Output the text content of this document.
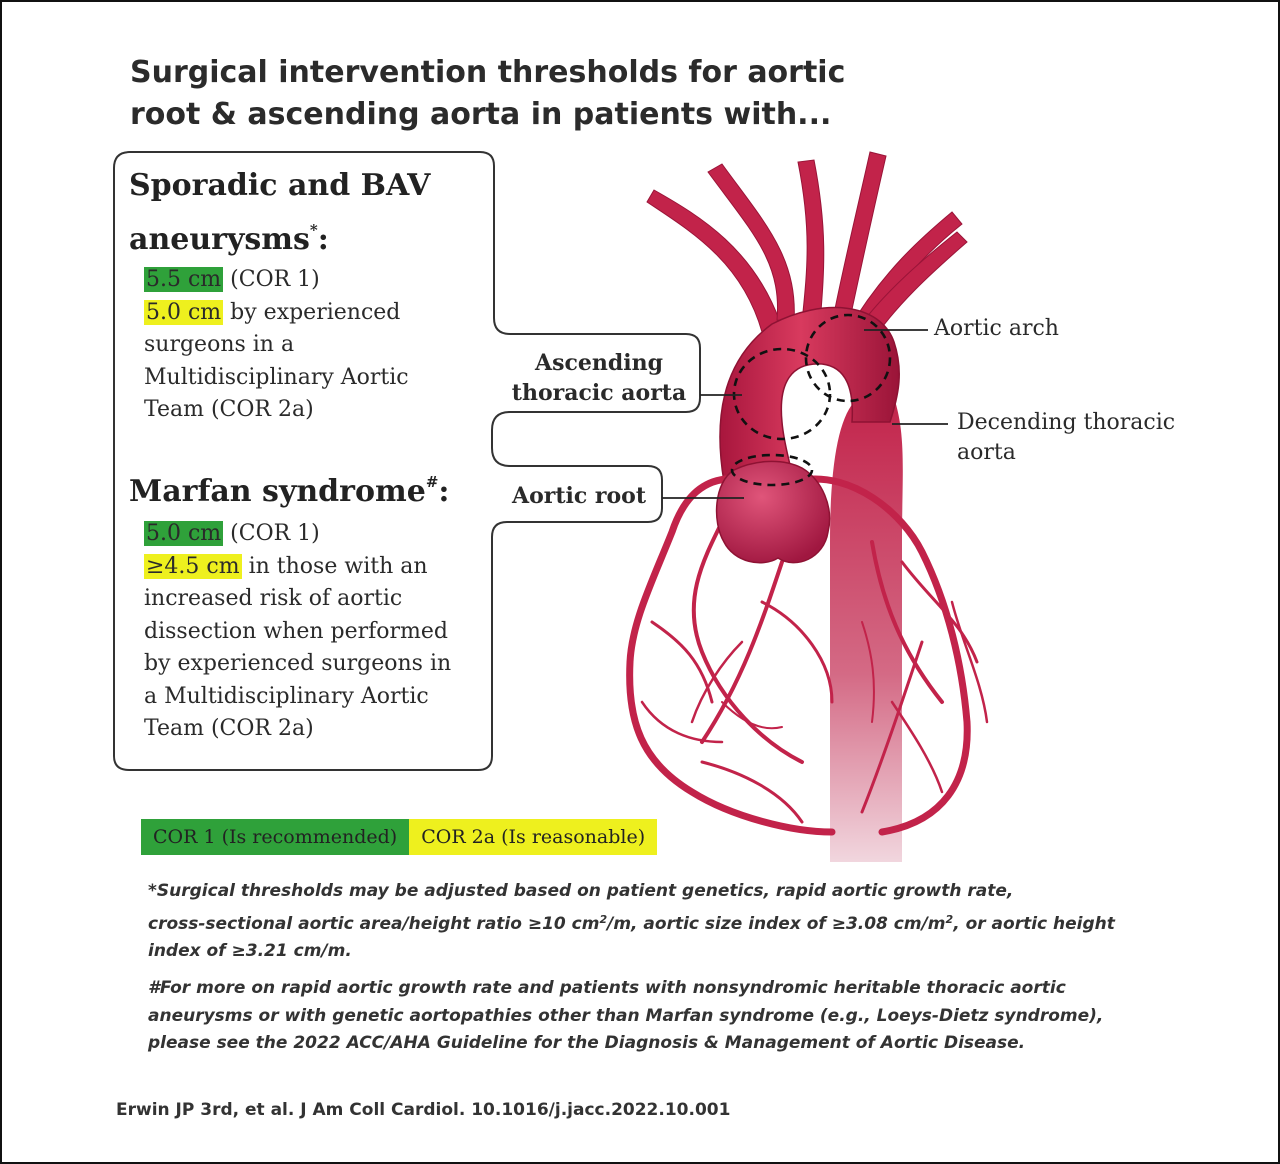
Surgical intervention thresholds for aortic
root & ascending aorta in patients with...
Sporadic and BAV
aneurysms*:
5.5 cm (COR 1)
5.0 cm by experienced
surgeons in a
Multidisciplinary Aortic
Team (COR 2a)
Marfan syndrome#:
5.0 cm (COR 1)
≥4.5 cm in those with an
increased risk of aortic
dissection when performed
by experienced surgeons in
a Multidisciplinary Aortic
Team (COR 2a)
Ascending
thoracic aorta
Aortic root
Aortic arch
Decending thoracic
aorta
COR 1 (Is recommended)	COR 2a (Is reasonable)
*Surgical thresholds may be adjusted based on patient genetics, rapid aortic growth rate,
cross-sectional aortic area/height ratio ≥10 $cm^2/m$, aortic size index of ≥3.08 $cm/m^2$, or aortic height
index of ≥3.21 cm/m.
#For more on rapid aortic growth rate and patients with nonsyndromic heritable thoracic aortic
aneurysms or with genetic aortopathies other than Marfan syndrome (e.g., Loeys-Dietz syndrome),
please see the 2022 ACC/AHA Guideline for the Diagnosis & Management of Aortic Disease.
Erwin JP 3rd, et al. J Am Coll Cardiol. 10.1016/j.jacc.2022.10.001
